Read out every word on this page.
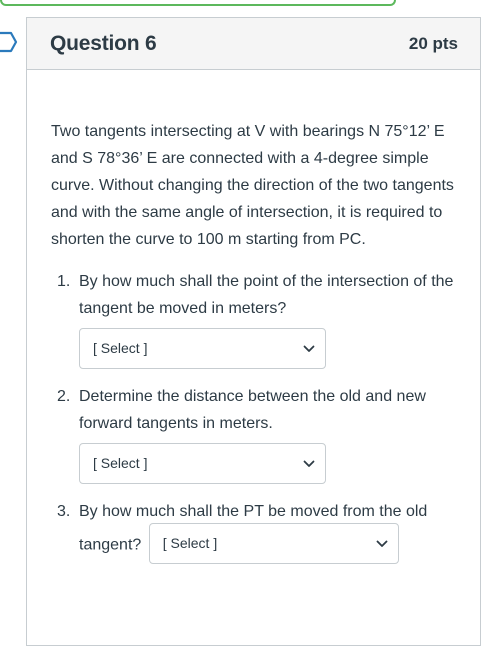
Question 6	20 pts

Two tangents intersecting at V with bearings N 75°12’ E and S 78°36’ E are connected with a 4-degree simple curve. Without changing the direction of the two tangents and with the same angle of intersection, it is required to shorten the curve to 100 m starting from PC.

1. By how much shall the point of the intersection of the tangent be moved in meters?
[ Select ]
2. Determine the distance between the old and new forward tangents in meters.
[ Select ]
3. By how much shall the PT be moved from the old tangent? [ Select ]
